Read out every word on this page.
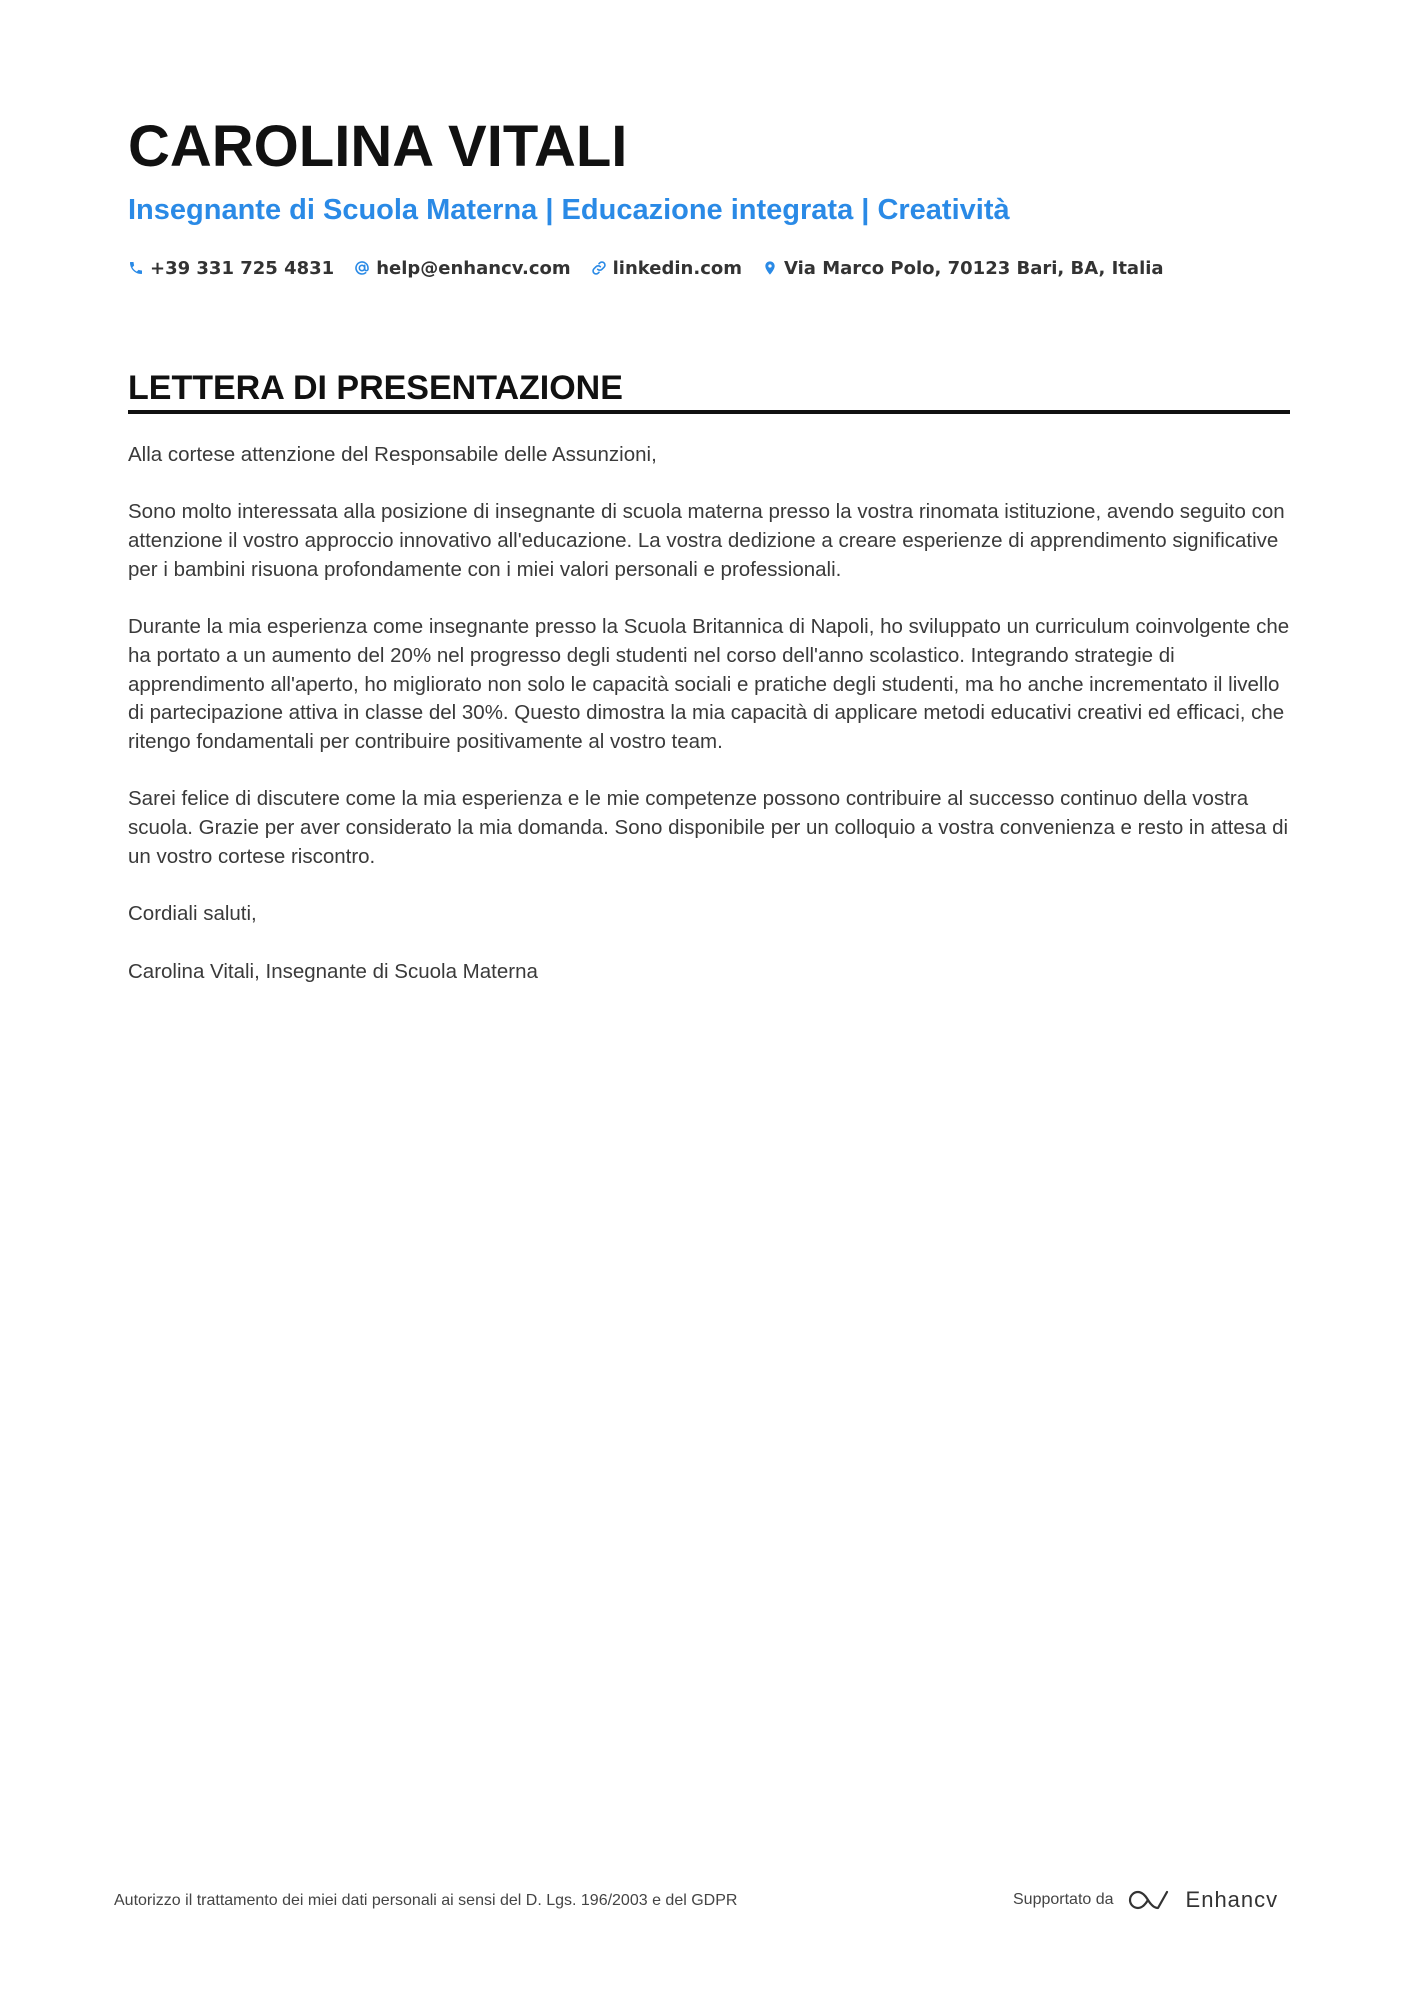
CAROLINA VITALI
Insegnante di Scuola Materna | Educazione integrata | Creatività
+39 331 725 4831 help@enhancv.com linkedin.com Via Marco Polo, 70123 Bari, BA, Italia
LETTERA DI PRESENTAZIONE

Alla cortese attenzione del Responsabile delle Assunzioni,

Sono molto interessata alla posizione di insegnante di scuola materna presso la vostra rinomata istituzione, avendo seguito con attenzione il vostro approccio innovativo all'educazione. La vostra dedizione a creare esperienze di apprendimento significative per i bambini risuona profondamente con i miei valori personali e professionali.

Durante la mia esperienza come insegnante presso la Scuola Britannica di Napoli, ho sviluppato un curriculum coinvolgente che ha portato a un aumento del 20% nel progresso degli studenti nel corso dell'anno scolastico. Integrando strategie di apprendimento all'aperto, ho migliorato non solo le capacità sociali e pratiche degli studenti, ma ho anche incrementato il livello di partecipazione attiva in classe del 30%. Questo dimostra la mia capacità di applicare metodi educativi creativi ed efficaci, che ritengo fondamentali per contribuire positivamente al vostro team.

Sarei felice di discutere come la mia esperienza e le mie competenze possono contribuire al successo continuo della vostra scuola. Grazie per aver considerato la mia domanda. Sono disponibile per un colloquio a vostra convenienza e resto in attesa di un vostro cortese riscontro.

Cordiali saluti,

Carolina Vitali, Insegnante di Scuola Materna

Autorizzo il trattamento dei miei dati personali ai sensi del D. Lgs. 196/2003 e del GDPR	Supportato da	Enhancv
